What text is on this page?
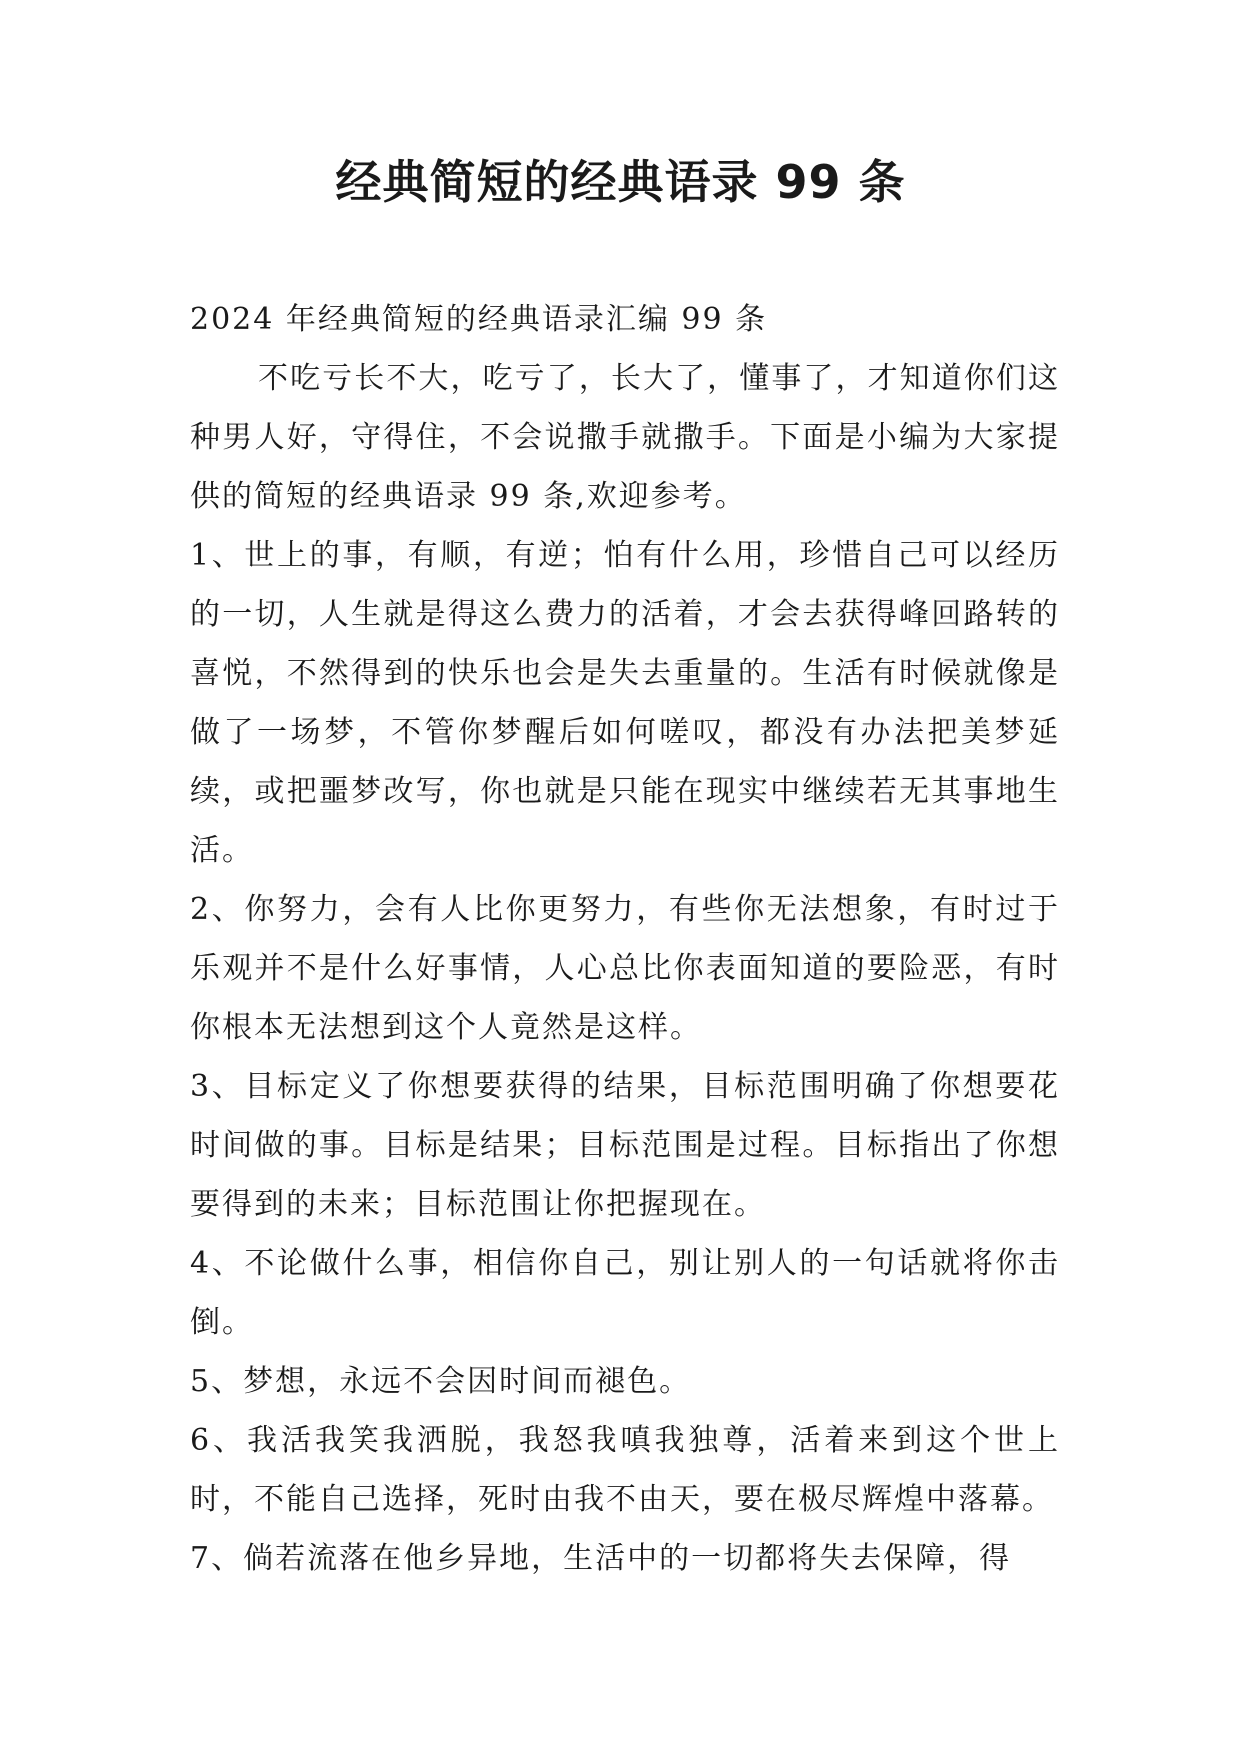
经典简短的经典语录 99 条

2024 年经典简短的经典语录汇编 99 条

不吃亏长不大，吃亏了，长大了，懂事了，才知道你们这种男人好，守得住，不会说撒手就撒手。下面是小编为大家提供的简短的经典语录 99 条,欢迎参考。

1、世上的事，有顺，有逆；怕有什么用，珍惜自己可以经历的一切，人生就是得这么费力的活着，才会去获得峰回路转的喜悦，不然得到的快乐也会是失去重量的。生活有时候就像是做了一场梦，不管你梦醒后如何嗟叹，都没有办法把美梦延续，或把噩梦改写，你也就是只能在现实中继续若无其事地生活。

2、你努力，会有人比你更努力，有些你无法想象，有时过于乐观并不是什么好事情，人心总比你表面知道的要险恶，有时你根本无法想到这个人竟然是这样。

3、目标定义了你想要获得的结果，目标范围明确了你想要花时间做的事。目标是结果；目标范围是过程。目标指出了你想要得到的未来；目标范围让你把握现在。

4、不论做什么事，相信你自己，别让别人的一句话就将你击倒。

5、梦想，永远不会因时间而褪色。

6、我活我笑我洒脱，我怒我嗔我独尊，活着来到这个世上时，不能自己选择，死时由我不由天，要在极尽辉煌中落幕。

7、倘若流落在他乡异地，生活中的一切都将失去保障，得
